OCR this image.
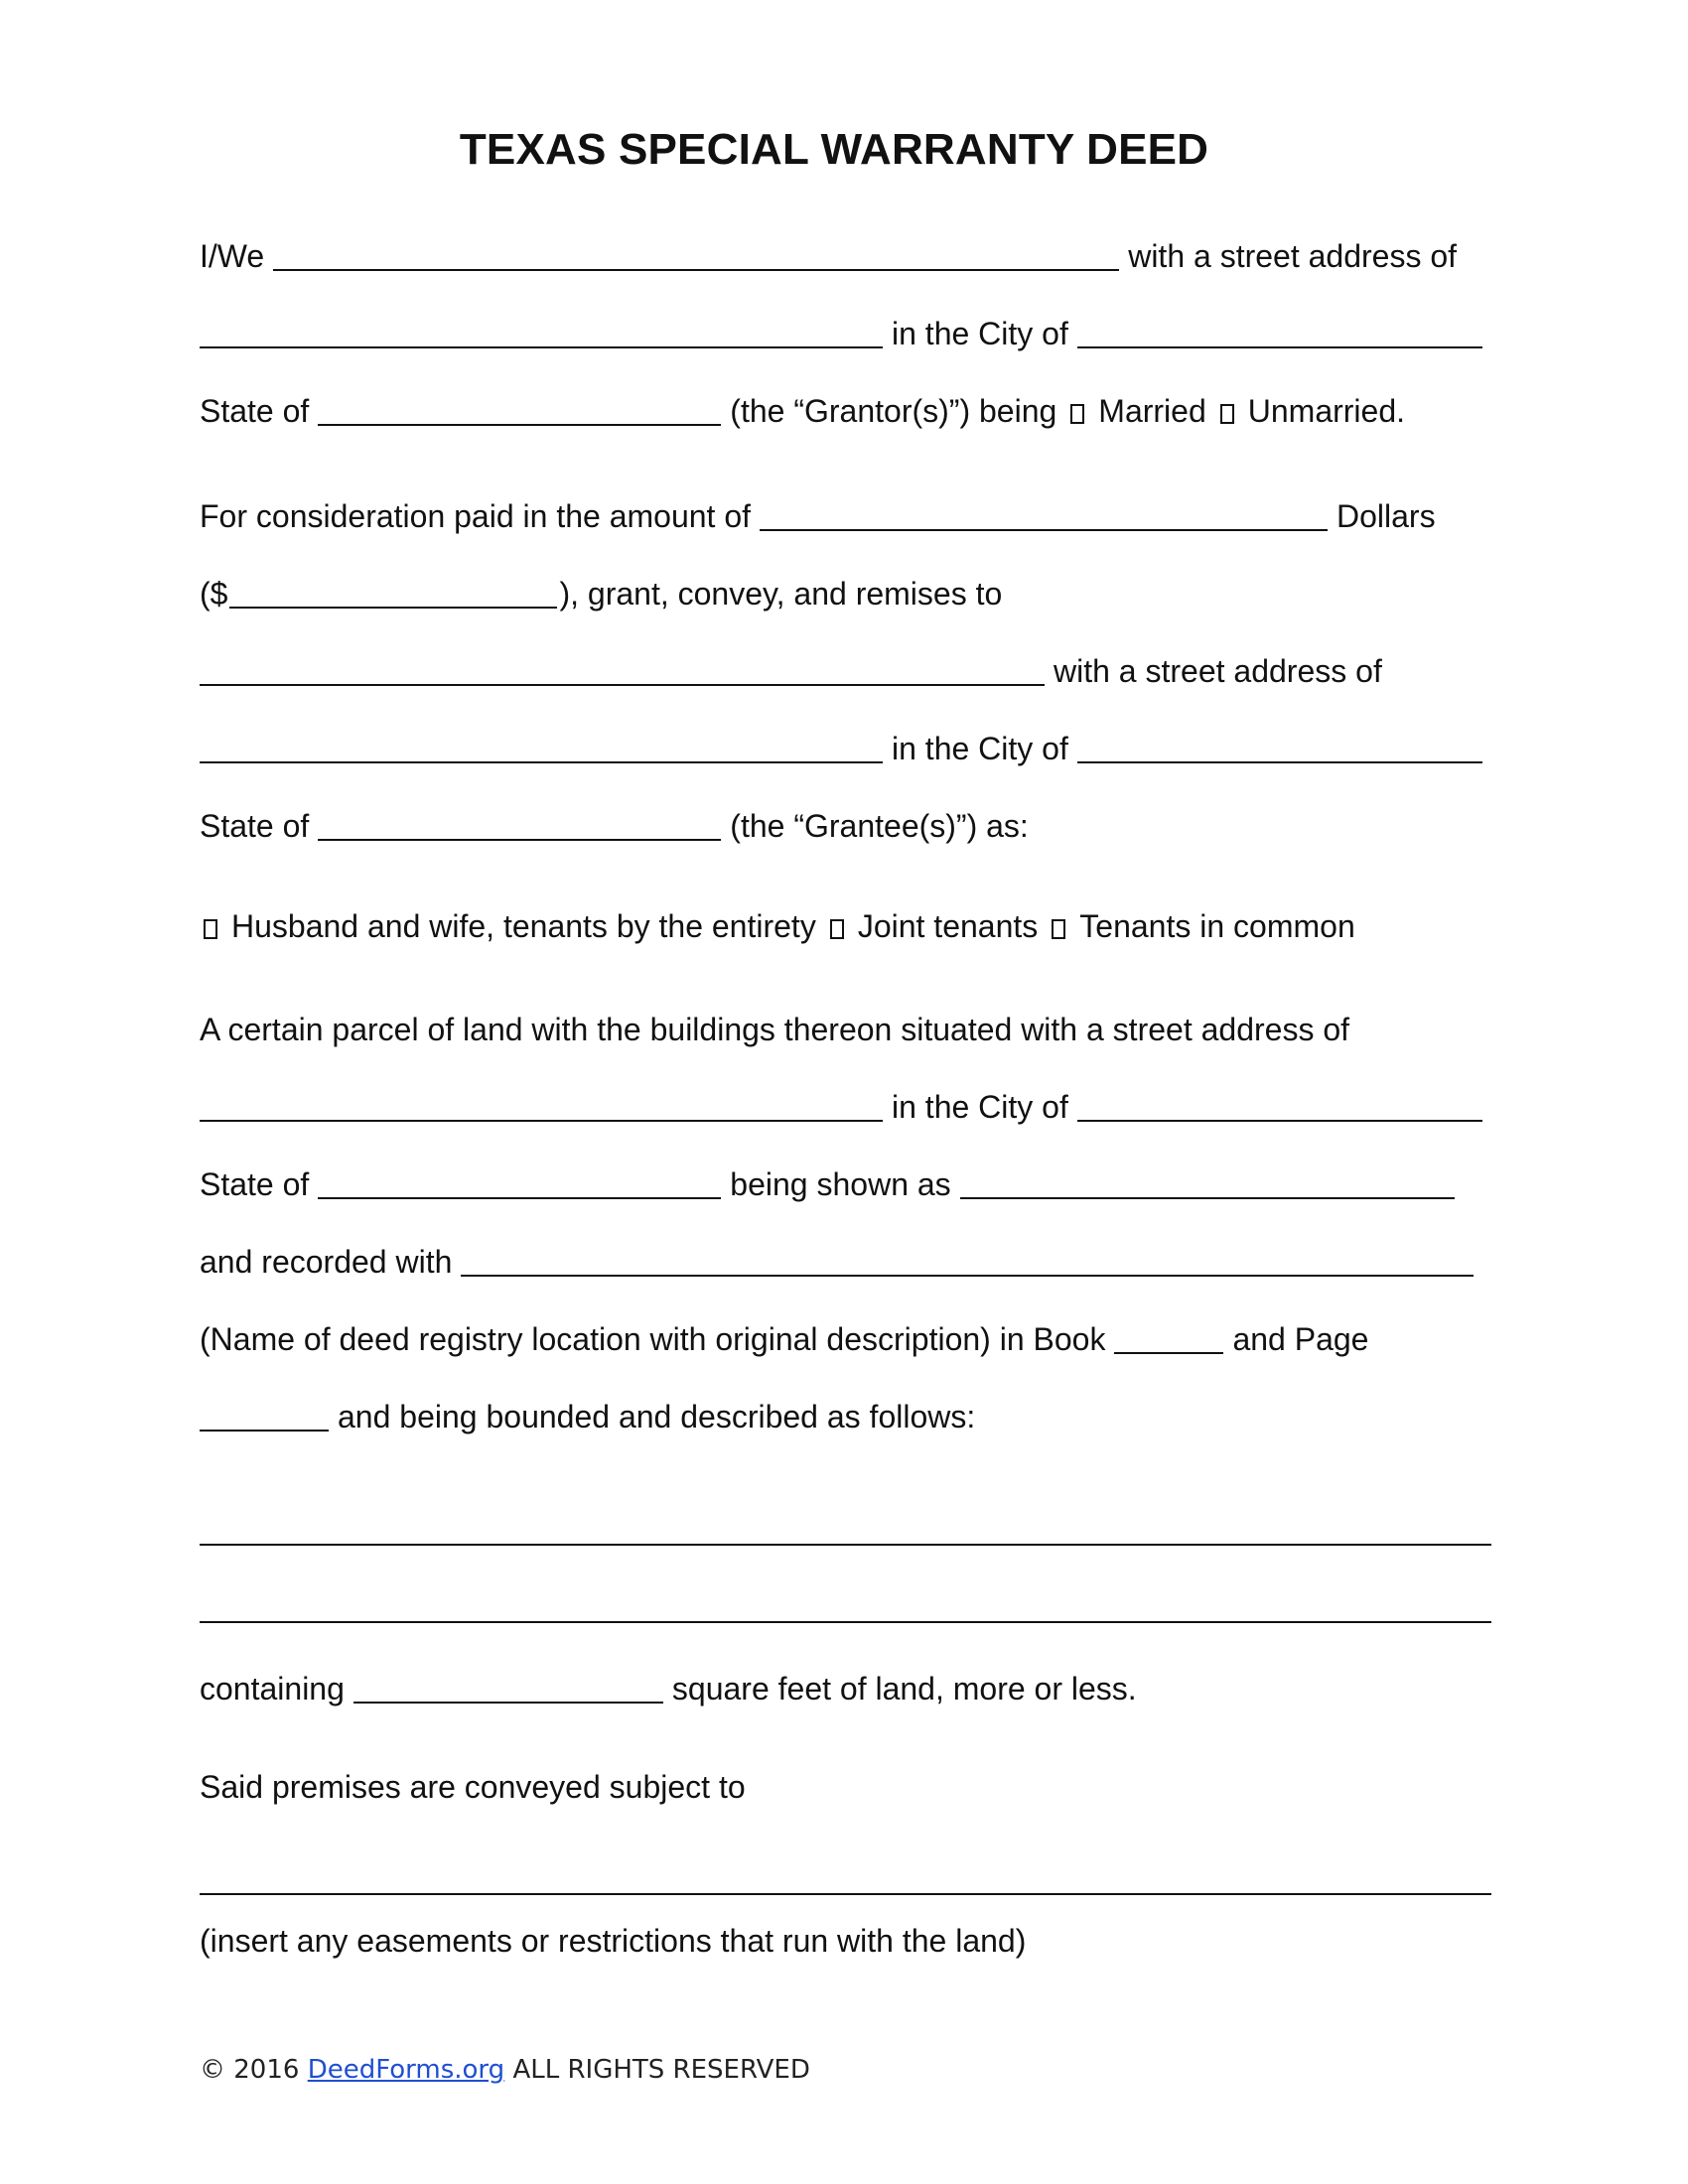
TEXAS SPECIAL WARRANTY DEED
I/We	with a street address of
in the City of
State of	(the “Grantor(s)”) being Married Unmarried.
For consideration paid in the amount of	Dollars
($	), grant, convey, and remises to
with a street address of
in the City of
State of	(the “Grantee(s)”) as:
Husband and wife, tenants by the entirety Joint tenants Tenants in common
A certain parcel of land with the buildings thereon situated with a street address of
in the City of
State of	being shown as
and recorded with
(Name of deed registry location with original description) in Book	and Page
and being bounded and described as follows:
containing	square feet of land, more or less.
Said premises are conveyed subject to
(insert any easements or restrictions that run with the land)
© 2016 DeedForms.org ALL RIGHTS RESERVED
